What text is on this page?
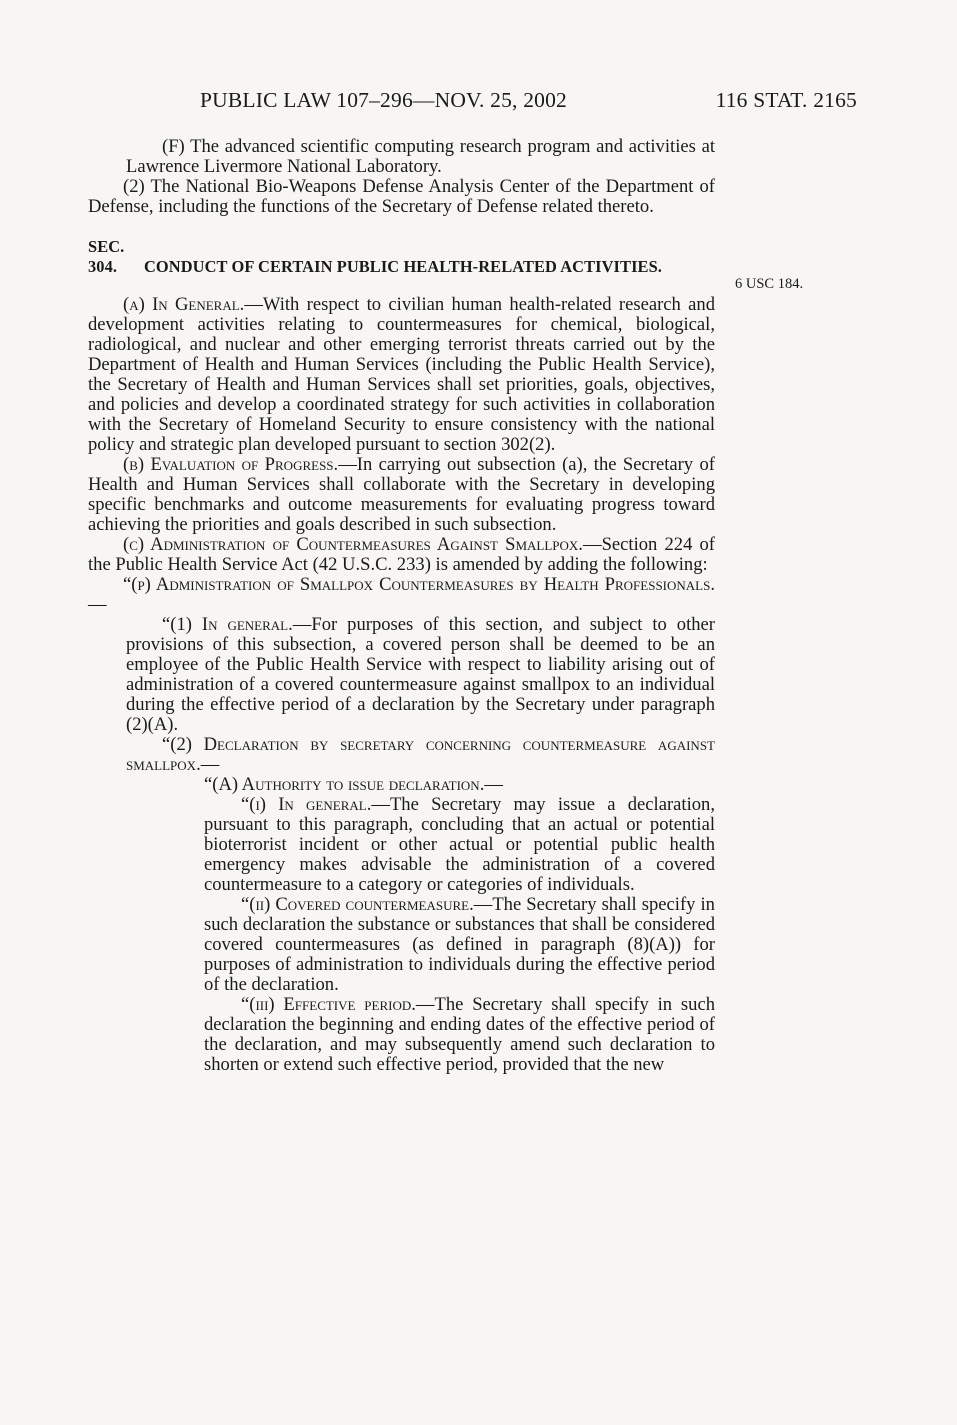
PUBLIC LAW 107–296—NOV. 25, 2002	116 STAT. 2165
6 USC 184.

(F) The advanced scientific computing research program and activities at Lawrence Livermore National Laboratory.

(2) The National Bio-Weapons Defense Analysis Center of the Department of Defense, including the functions of the Secretary of Defense related thereto.

SEC. 304. CONDUCT OF CERTAIN PUBLIC HEALTH-RELATED ACTIVITIES.

(a) In General.—With respect to civilian human health-related research and development activities relating to countermeasures for chemical, biological, radiological, and nuclear and other emerging terrorist threats carried out by the Department of Health and Human Services (including the Public Health Service), the Secretary of Health and Human Services shall set priorities, goals, objectives, and policies and develop a coordinated strategy for such activities in collaboration with the Secretary of Homeland Security to ensure consistency with the national policy and strategic plan developed pursuant to section 302(2).

(b) Evaluation of Progress.—In carrying out subsection (a), the Secretary of Health and Human Services shall collaborate with the Secretary in developing specific benchmarks and outcome measurements for evaluating progress toward achieving the priorities and goals described in such subsection.

(c) Administration of Countermeasures Against Smallpox.—Section 224 of the Public Health Service Act (42 U.S.C. 233) is amended by adding the following:

“(p) Administration of Smallpox Countermeasures by Health Professionals.—

“(1) In general.—For purposes of this section, and subject to other provisions of this subsection, a covered person shall be deemed to be an employee of the Public Health Service with respect to liability arising out of administration of a covered countermeasure against smallpox to an individual during the effective period of a declaration by the Secretary under paragraph (2)(A).

“(2) Declaration by secretary concerning countermeasure against smallpox.—

“(A) Authority to issue declaration.—

“(i) In general.—The Secretary may issue a declaration, pursuant to this paragraph, concluding that an actual or potential bioterrorist incident or other actual or potential public health emergency makes advisable the administration of a covered countermeasure to a category or categories of individuals.

“(ii) Covered countermeasure.—The Secretary shall specify in such declaration the substance or substances that shall be considered covered countermeasures (as defined in paragraph (8)(A)) for purposes of administration to individuals during the effective period of the declaration.

“(iii) Effective period.—The Secretary shall specify in such declaration the beginning and ending dates of the effective period of the declaration, and may subsequently amend such declaration to shorten or extend such effective period, provided that the new
